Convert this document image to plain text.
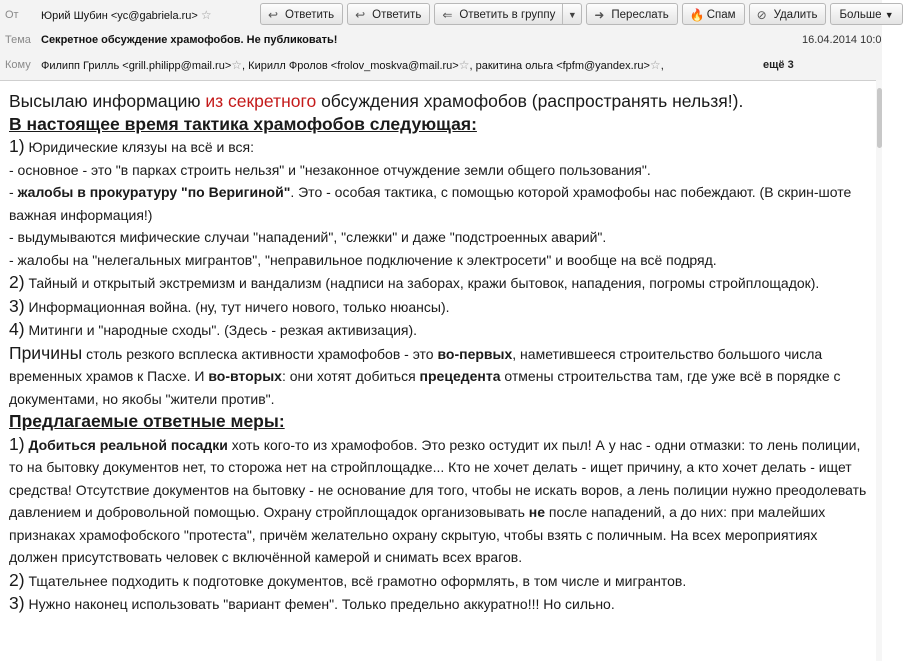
От Юрий Шубин <yc@gabriela.ru> ☆	↩ Ответить ↩ Ответить ⇐ Ответить в группу	▼	➜ Переслать 🔥 Спам ⊘ Удалить Больше ▼
Тема Секретное обсуждение храмофобов. Не публиковать!	16.04.2014 10:0
Кому Филипп Грилль <grill.philipp@mail.ru>☆, Кирилл Фролов <frolov_moskva@mail.ru>☆, ракитина ольга <fpfm@yandex.ru>☆,	ещё 3

Высылаю информацию из секретного обсуждения храмофобов (распространять нельзя!).

В настоящее время тактика храмофобов следующая:

1) Юридические клязуы на всё и вся:

- основное - это "в парках строить нельзя" и "незаконное отчуждение земли общего пользования".

- жалобы в прокуратуру "по Веригиной". Это - особая тактика, с помощью которой храмофобы нас побеждают. (В скрин-шоте важная информация!)

- выдумываются мифические случаи "нападений", "слежки" и даже "подстроенных аварий".

- жалобы на "нелегальных мигрантов", "неправильное подключение к электросети" и вообще на всё подряд.

2) Тайный и открытый экстремизм и вандализм (надписи на заборах, кражи бытовок, нападения, погромы стройплощадок).

3) Информационная война. (ну, тут ничего нового, только нюансы).

4) Митинги и "народные сходы". (Здесь - резкая активизация).

Причины столь резкого всплеска активности храмофобов - это во-первых, наметившееся строительство большого числа временных храмов к Пасхе. И во-вторых: они хотят добиться прецедента отмены строительства там, где уже всё в порядке с документами, но якобы "жители против".

Предлагаемые ответные меры:

1) Добиться реальной посадки хоть кого-то из храмофобов. Это резко остудит их пыл! А у нас - одни отмазки: то лень полиции, то на бытовку документов нет, то сторожа нет на стройплощадке... Кто не хочет делать - ищет причину, а кто хочет делать - ищет средства! Отсутствие документов на бытовку - не основание для того, чтобы не искать воров, а лень полиции нужно преодолевать давлением и добровольной помощью. Охрану стройплощадок организовывать не после нападений, а до них: при малейших признаках храмофобского "протеста", причём желательно охрану скрытую, чтобы взять с поличным. На всех мероприятиях должен присутствовать человек с включённой камерой и снимать всех врагов.

2) Тщательнее подходить к подготовке документов, всё грамотно оформлять, в том числе и мигрантов.

3) Нужно наконец использовать "вариант фемен". Только предельно аккуратно!!! Но сильно.
